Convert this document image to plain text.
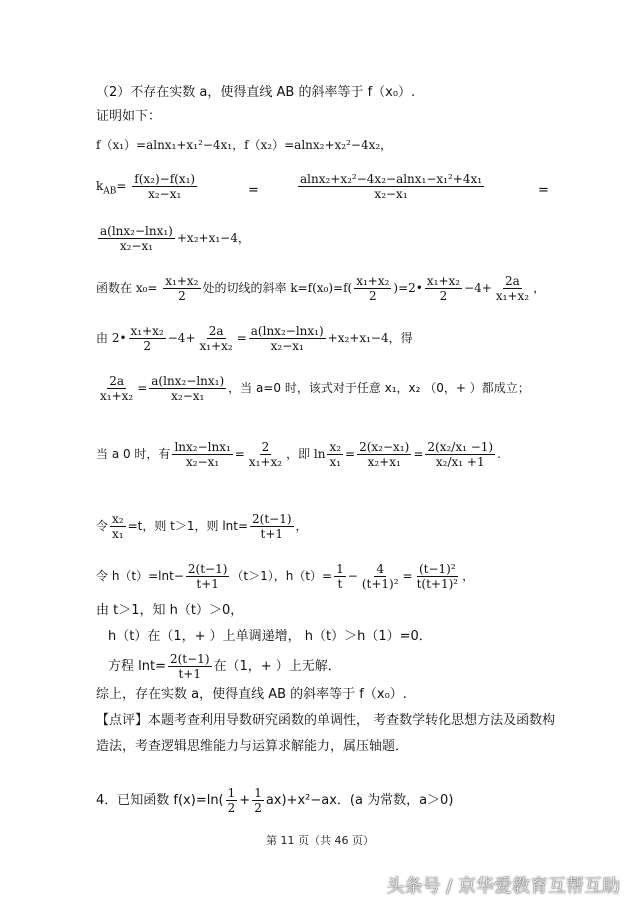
（2）不存在实数 a，使得直线 AB 的斜率等于 f（x₀）.
证明如下：
f（x₁）=alnx₁+x₁²−4x₁，f（x₂）=alnx₂+x₂²−4x₂，
$k_{AB}= \frac{\text{f(x₂)−f(x₁)}}{\text{x₂−x₁}}$	=	$\frac{\text{alnx₂+x₂²−4x₂−alnx₁−x₁²+4x₁}}{\text{x₂−x₁}}$	=
$\frac{\text{a(lnx₂−lnx₁)}}{\text{x₂−x₁}} +x_2+x_1-4$，
函数在 $x_0= \frac{\text{x₁+x₂}}{2}$ 处的切线的斜率 $k=f(x_0)=f( \frac{\text{x₁+x₂}}{2}$ )=2• $\frac{\text{x₁+x₂}}{2} -4+ \frac{2a}{\text{x₁+x₂}}$ ，
由 2• $\frac{\text{x₁+x₂}}{2} -4+ \frac{2a}{\text{x₁+x₂}} = \frac{\text{a(lnx₂−lnx₁)}}{\text{x₂−x₁}} +x_2+x_1-4$，得
$\frac{2a}{\text{x₁+x₂}} = \frac{\text{a(lnx₂−lnx₁)}}{\text{x₂−x₁}}$ ，当 a=0 时，该式对于任意 x₁，x₂ （0，+ ）都成立；
当 a 0 时，有 $\frac{\text{lnx₂−lnx₁}}{\text{x₂−x₁}} = \frac{2}{\text{x₁+x₂}}$ ，即 $\ln \frac{\text{x₂}}{\text{x₁}} = \frac{\text{2(x₂−x₁)}}{\text{x₂+x₁}} = \frac{\text{2(x₂/x₁ −1)}}{\text{x₂/x₁ +1}}$ .
令 $\frac{\text{x₂}}{\text{x₁}} =t$，则 t＞1，则 $\ln t= \frac{2(t-1)}{t+1}$ ，
令 $h(t)=\ln t- \frac{2(t-1)}{t+1} (t>1)$，$h(t)= \frac{1}{t} - \frac{4}{\text{(t+1)²}} = \frac{\text{(t−1)²}}{\text{t(t+1)²}}$ ，
由 t＞1，知 h（t）＞0，
h（t）在（1，+ ）上单调递增， h（t）＞h（1）=0．
方程 $\ln t= \frac{2(t-1)}{t+1}$ 在（1，+ ）上无解．
综上，存在实数 a，使得直线 AB 的斜率等于 f（x₀）.
【点评】本题考查利用导数研究函数的单调性， 考查数学转化思想方法及函数构
造法，考查逻辑思维能力与运算求解能力，属压轴题．
4．已知函数 $f(x)=\ln( \frac{1}{2} + \frac{1}{2} ax)+x^2-ax$．(a 为常数，a＞0)
第 11 页（共 46 页）
头条号 / 京华爱教育互帮互助
